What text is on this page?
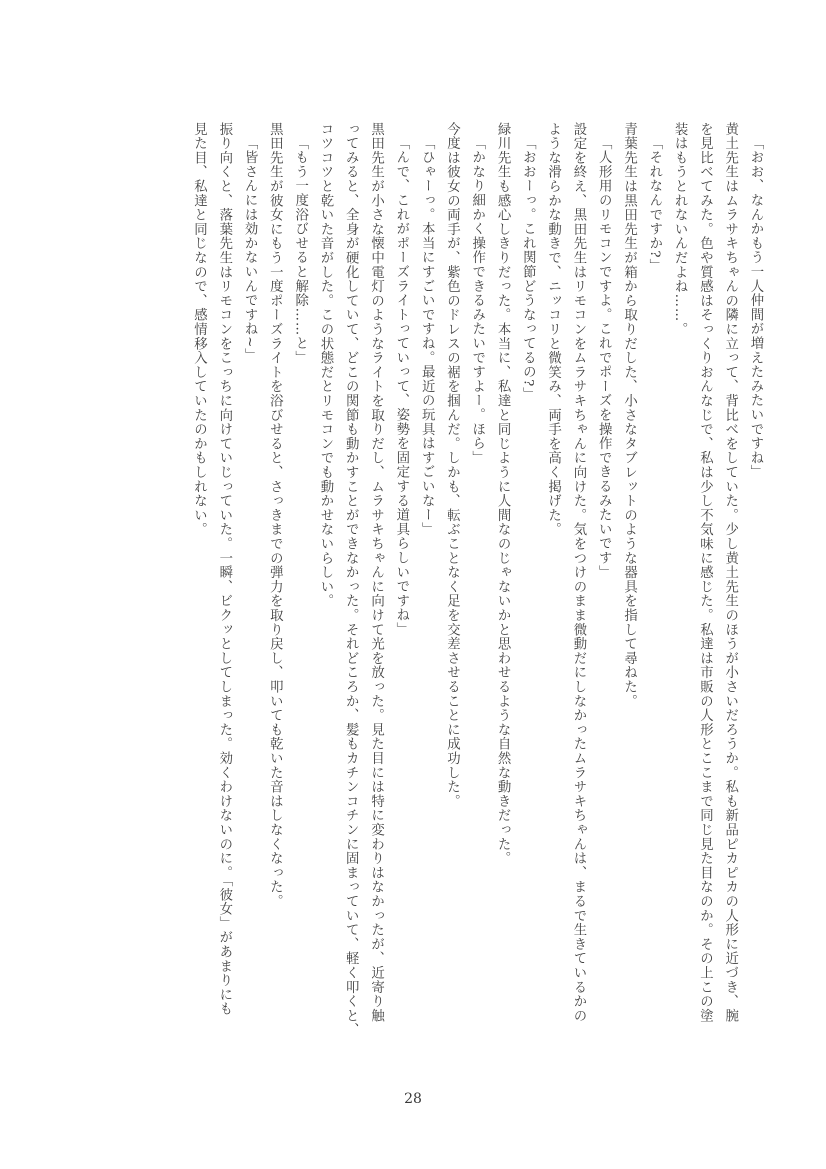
「おお、なんかもう一人仲間が増えたみたいですね」
黄土先生はムラサキちゃんの隣に立って、背比べをしていた。少し黄土先生のほうが小さいだろうか。私も新品ピカピカの人形に近づき、腕
を見比べてみた。色や質感はそっくりおんなじで、私は少し不気味に感じた。私達は市販の人形とここまで同じ見た目なのか。その上この塗
装はもうとれないんだよね……。
「それなんですか?」
青葉先生は黒田先生が箱から取りだした、小さなタブレットのような器具を指して尋ねた。
「人形用のリモコンですよ。これでポーズを操作できるみたいです」
設定を終え、黒田先生はリモコンをムラサキちゃんに向けた。気をつけのまま微動だにしなかったムラサキちゃんは、まるで生きているかの
ような滑らかな動きで、ニッコリと微笑み、両手を高く掲げた。
「おおーっ。これ関節どうなってるの?」
緑川先生も感心しきりだった。本当に、私達と同じように人間なのじゃないかと思わせるような自然な動きだった。
「かなり細かく操作できるみたいですよー。ほら」
今度は彼女の両手が、紫色のドレスの裾を掴んだ。しかも、転ぶことなく足を交差させることに成功した。
「ひゃーっ。本当にすごいですね。最近の玩具はすごいなー」
「んで、これがポーズライトっていって、姿勢を固定する道具らしいですね」
黒田先生が小さな懐中電灯のようなライトを取りだし、ムラサキちゃんに向けて光を放った。見た目には特に変わりはなかったが、近寄り触
ってみると、全身が硬化していて、どこの関節も動かすことができなかった。それどころか、髪もカチンコチンに固まっていて、軽く叩くと、
コツコツと乾いた音がした。この状態だとリモコンでも動かせないらしい。
「もう一度浴びせると解除……と」
黒田先生が彼女にもう一度ポーズライトを浴びせると、さっきまでの弾力を取り戻し、叩いても乾いた音はしなくなった。
「皆さんには効かないんですね~」
振り向くと、落葉先生はリモコンをこっちに向けていじっていた。一瞬、ビクッとしてしまった。効くわけないのに。「彼女」があまりにも
見た目、私達と同じなので、感情移入していたのかもしれない。
28
